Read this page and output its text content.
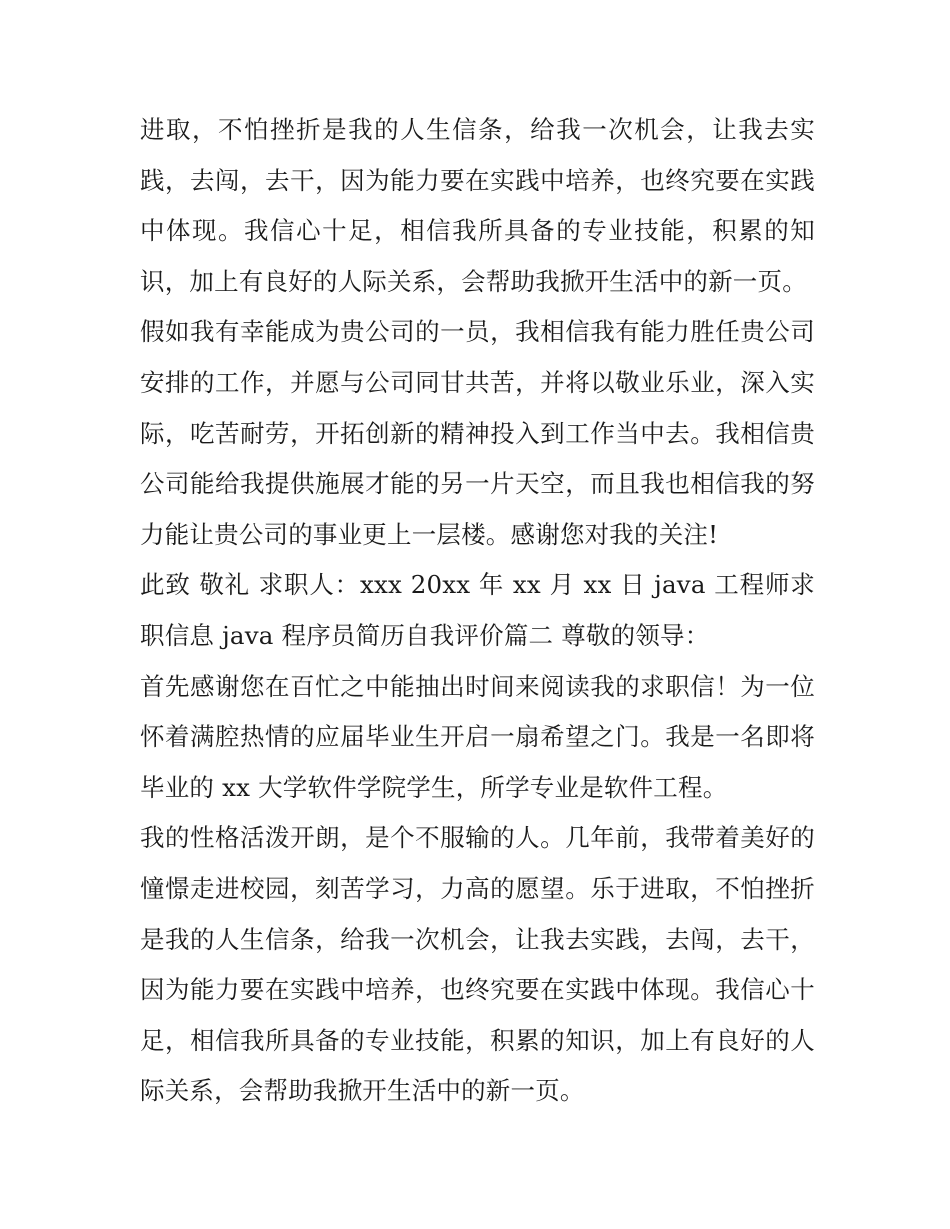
进取，不怕挫折是我的人生信条，给我一次机会，让我去实践，去闯，去干，因为能力要在实践中培养，也终究要在实践中体现。我信心十足，相信我所具备的专业技能，积累的知识，加上有良好的人际关系，会帮助我掀开生活中的新一页。

假如我有幸能成为贵公司的一员，我相信我有能力胜任贵公司安排的工作，并愿与公司同甘共苦，并将以敬业乐业，深入实际，吃苦耐劳，开拓创新的精神投入到工作当中去。我相信贵公司能给我提供施展才能的另一片天空，而且我也相信我的努力能让贵公司的事业更上一层楼。感谢您对我的关注!

此致 敬礼 求职人：xxx 20xx 年 xx 月 xx 日 java 工程师求职信息 java 程序员简历自我评价篇二 尊敬的领导：

首先感谢您在百忙之中能抽出时间来阅读我的求职信！为一位怀着满腔热情的应届毕业生开启一扇希望之门。我是一名即将毕业的 xx 大学软件学院学生，所学专业是软件工程。

我的性格活泼开朗，是个不服输的人。几年前，我带着美好的憧憬走进校园，刻苦学习，力高的愿望。乐于进取，不怕挫折是我的人生信条，给我一次机会，让我去实践，去闯，去干，因为能力要在实践中培养，也终究要在实践中体现。我信心十足，相信我所具备的专业技能，积累的知识，加上有良好的人际关系，会帮助我掀开生活中的新一页。
